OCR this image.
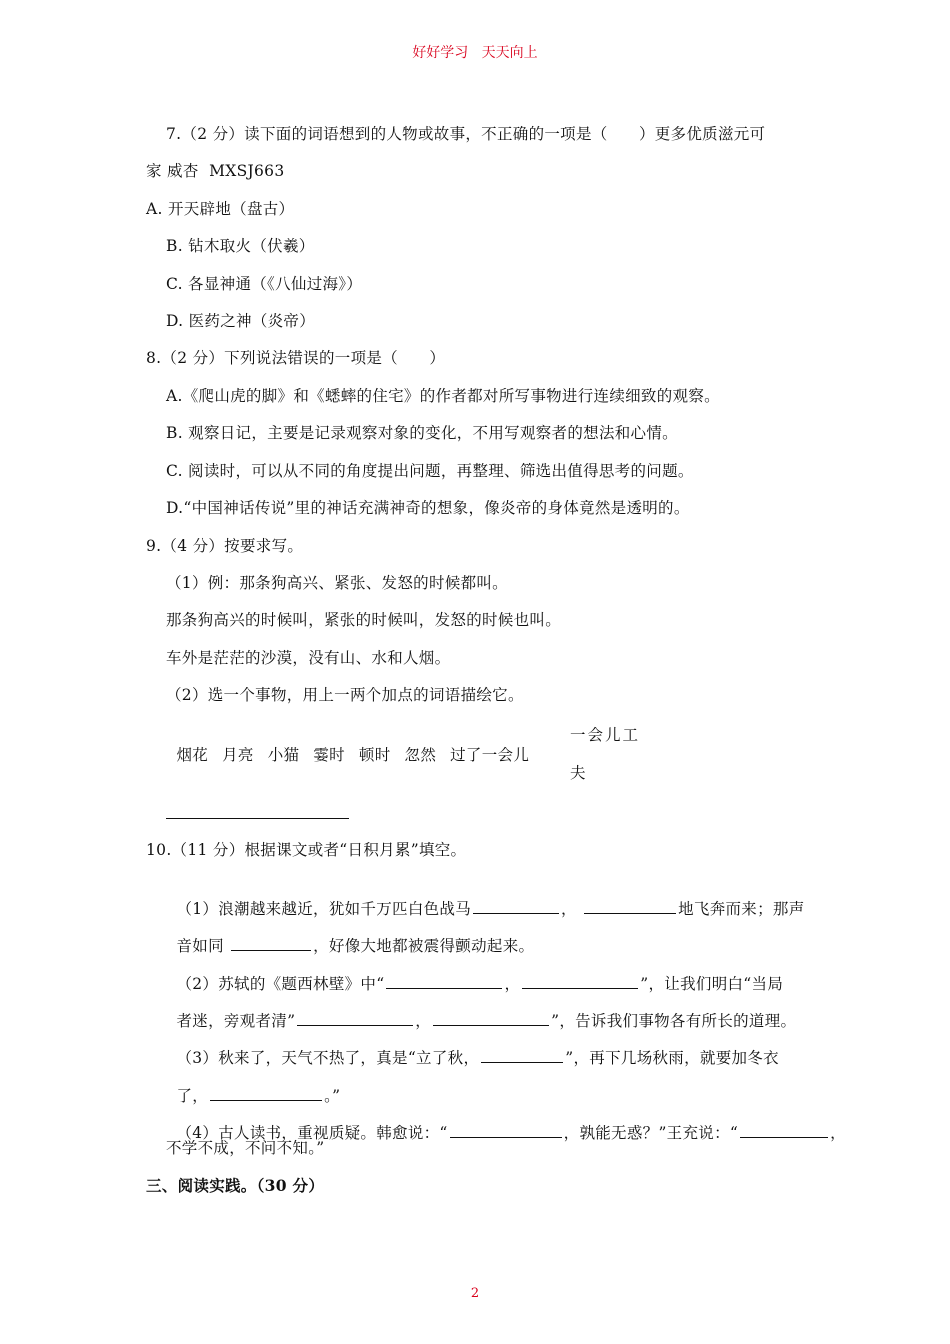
好好学习   天天向上
7.（2 分）读下面的词语想到的人物或故事，不正确的一项是（      ）更多优质滋元可
家 威杏  MXSJ663
A. 开天辟地（盘古）
B. 钻木取火（伏羲）
C. 各显神通（《八仙过海》）
D. 医药之神（炎帝）
8.（2 分）下列说法错误的一项是（      ）
A.《爬山虎的脚》和《蟋蟀的住宅》的作者都对所写事物进行连续细致的观察。
B. 观察日记，主要是记录观察对象的变化，不用写观察者的想法和心情。
C. 阅读时，可以从不同的角度提出问题，再整理、筛选出值得思考的问题。
D.“中国神话传说”里的神话充满神奇的想象，像炎帝的身体竟然是透明的。
9.（4 分）按要求写。
（1）例：那条狗高兴、紧张、发怒的时候都叫。
那条狗高兴的时候叫，紧张的时候叫，发怒的时候也叫。
车外是茫茫的沙漠，没有山、水和人烟。
（2）选一个事物，用上一两个加点的词语描绘它。

烟花 月亮 小猫 霎时 顿时 忽然 过了一会儿

一会儿工
夫
10.（11 分）根据课文或者“日积月累”填空。

（1）浪潮越来越近，犹如千万匹白色战马	，	地飞奔而来；那声

音如同	，好像大地都被震得颤动起来。

（2）苏轼的《题西林壁》中“	，	”，让我们明白“当局

者迷，旁观者清”	，	”，告诉我们事物各有所长的道理。

（3）秋来了，天气不热了，真是“立了秋，	”，再下几场秋雨，就要加冬衣

了，	。”

（4）古人读书，重视质疑。韩愈说：“	，孰能无惑？”王充说：“	，

不学不成，不问不知。”
三、阅读实践。（30 分）
2
